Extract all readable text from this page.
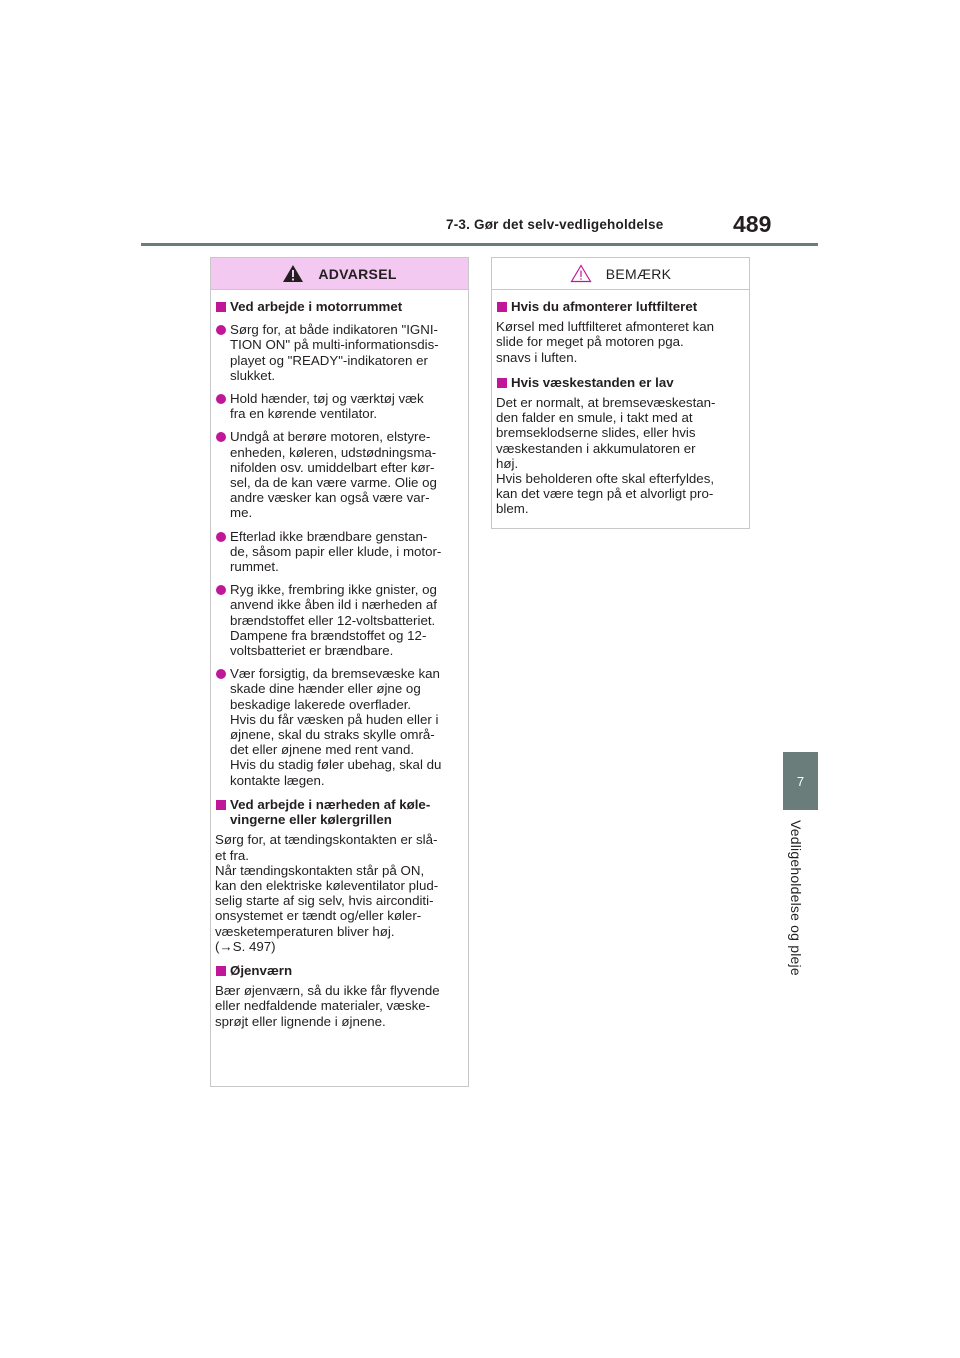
7-3. Gør det selv-vedligeholdelse	489
7
Vedligeholdelse og pleje
ADVARSEL
Ved arbejde i motorrummet
Sørg for, at både indikatoren "IGNI-
TION ON" på multi-informationsdis-
playet og "READY"-indikatoren er
slukket.
Hold hænder, tøj og værktøj væk
fra en kørende ventilator.
Undgå at berøre motoren, elstyre-
enheden, køleren, udstødningsma-
nifolden osv. umiddelbart efter kør-
sel, da de kan være varme. Olie og
andre væsker kan også være var-
me.
Efterlad ikke brændbare genstan-
de, såsom papir eller klude, i motor-
rummet.
Ryg ikke, frembring ikke gnister, og
anvend ikke åben ild i nærheden af
brændstoffet eller 12-voltsbatteriet.
Dampene fra brændstoffet og 12-
voltsbatteriet er brændbare.
Vær forsigtig, da bremsevæske kan
skade dine hænder eller øjne og
beskadige lakerede overflader.
Hvis du får væsken på huden eller i
øjnene, skal du straks skylle områ-
det eller øjnene med rent vand.
Hvis du stadig føler ubehag, skal du
kontakte lægen.
Ved arbejde i nærheden af køle-
vingerne eller kølergrillen
Sørg for, at tændingskontakten er slå-
et fra.
Når tændingskontakten står på ON,
kan den elektriske køleventilator plud-
selig starte af sig selv, hvis airconditi-
onsystemet er tændt og/eller køler-
væsketemperaturen bliver høj.
(→S. 497)
Øjenværn
Bær øjenværn, så du ikke får flyvende
eller nedfaldende materialer, væske-
sprøjt eller lignende i øjnene.
BEMÆRK
Hvis du afmonterer luftfilteret
Kørsel med luftfilteret afmonteret kan
slide for meget på motoren pga.
snavs i luften.
Hvis væskestanden er lav
Det er normalt, at bremsevæskestan-
den falder en smule, i takt med at
bremseklodserne slides, eller hvis
væskestanden i akkumulatoren er
høj.
Hvis beholderen ofte skal efterfyldes,
kan det være tegn på et alvorligt pro-
blem.
